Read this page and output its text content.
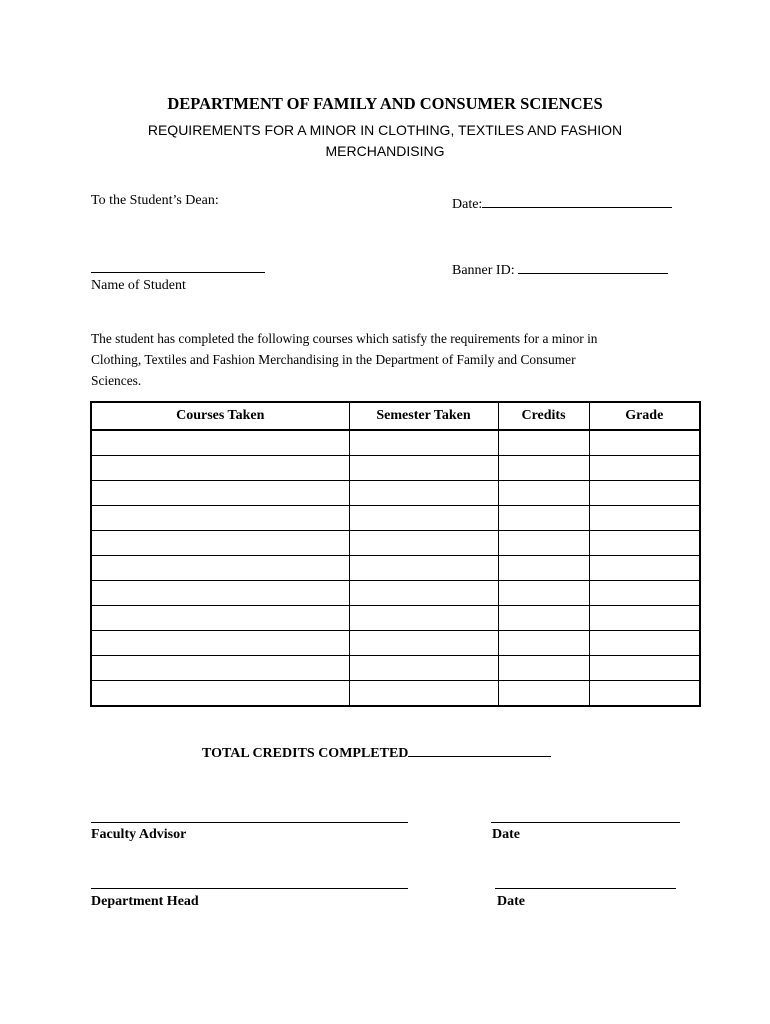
DEPARTMENT OF FAMILY AND CONSUMER SCIENCES
REQUIREMENTS FOR A MINOR IN CLOTHING, TEXTILES AND FASHION
MERCHANDISING
To the Student’s Dean:	Date:
Name of Student
Banner ID:
The student has completed the following courses which satisfy the requirements for a minor in
Clothing, Textiles and Fashion Merchandising in the Department of Family and Consumer
Sciences.
Courses Taken	Semester Taken	Credits	Grade

TOTAL CREDITS COMPLETED
Faculty Advisor	Date
Department Head	Date
